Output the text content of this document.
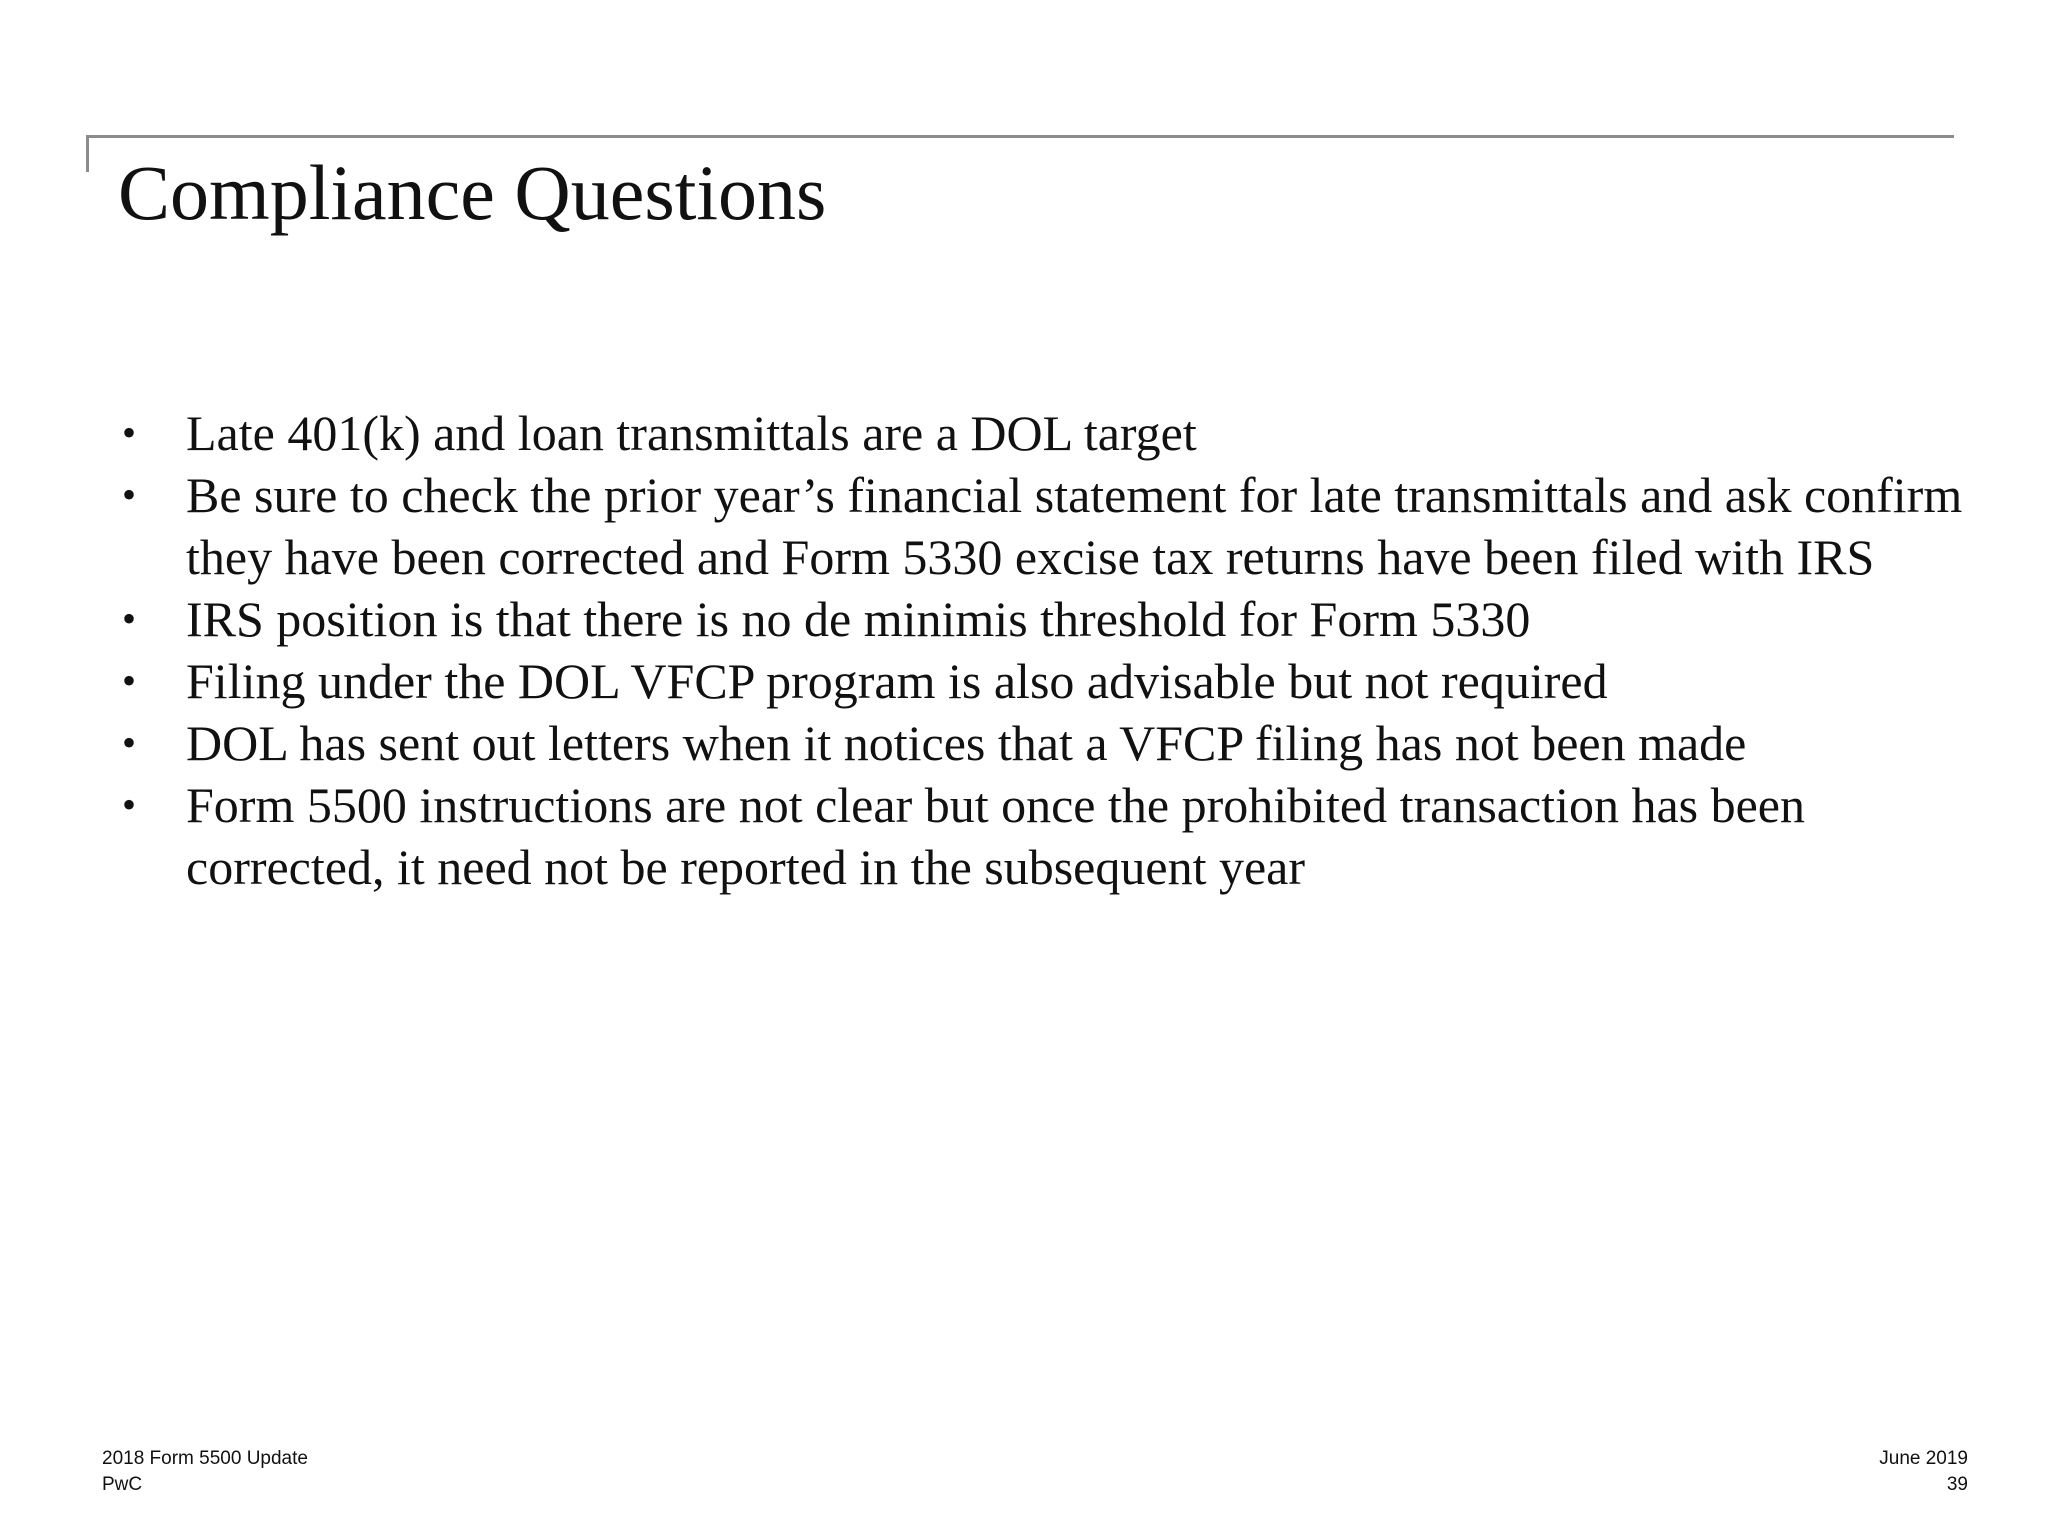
Compliance Questions
• Late 401(k) and loan transmittals are a DOL target
• Be sure to check the prior year’s financial statement for late transmittals and ask confirm they have been corrected and Form 5330 excise tax returns have been filed with IRS
• IRS position is that there is no de minimis threshold for Form 5330
• Filing under the DOL VFCP program is also advisable but not required
• DOL has sent out letters when it notices that a VFCP filing has not been made
• Form 5500 instructions are not clear but once the prohibited transaction has been corrected, it need not be reported in the subsequent year
2018 Form 5500 Update
PwC
June 2019
39
